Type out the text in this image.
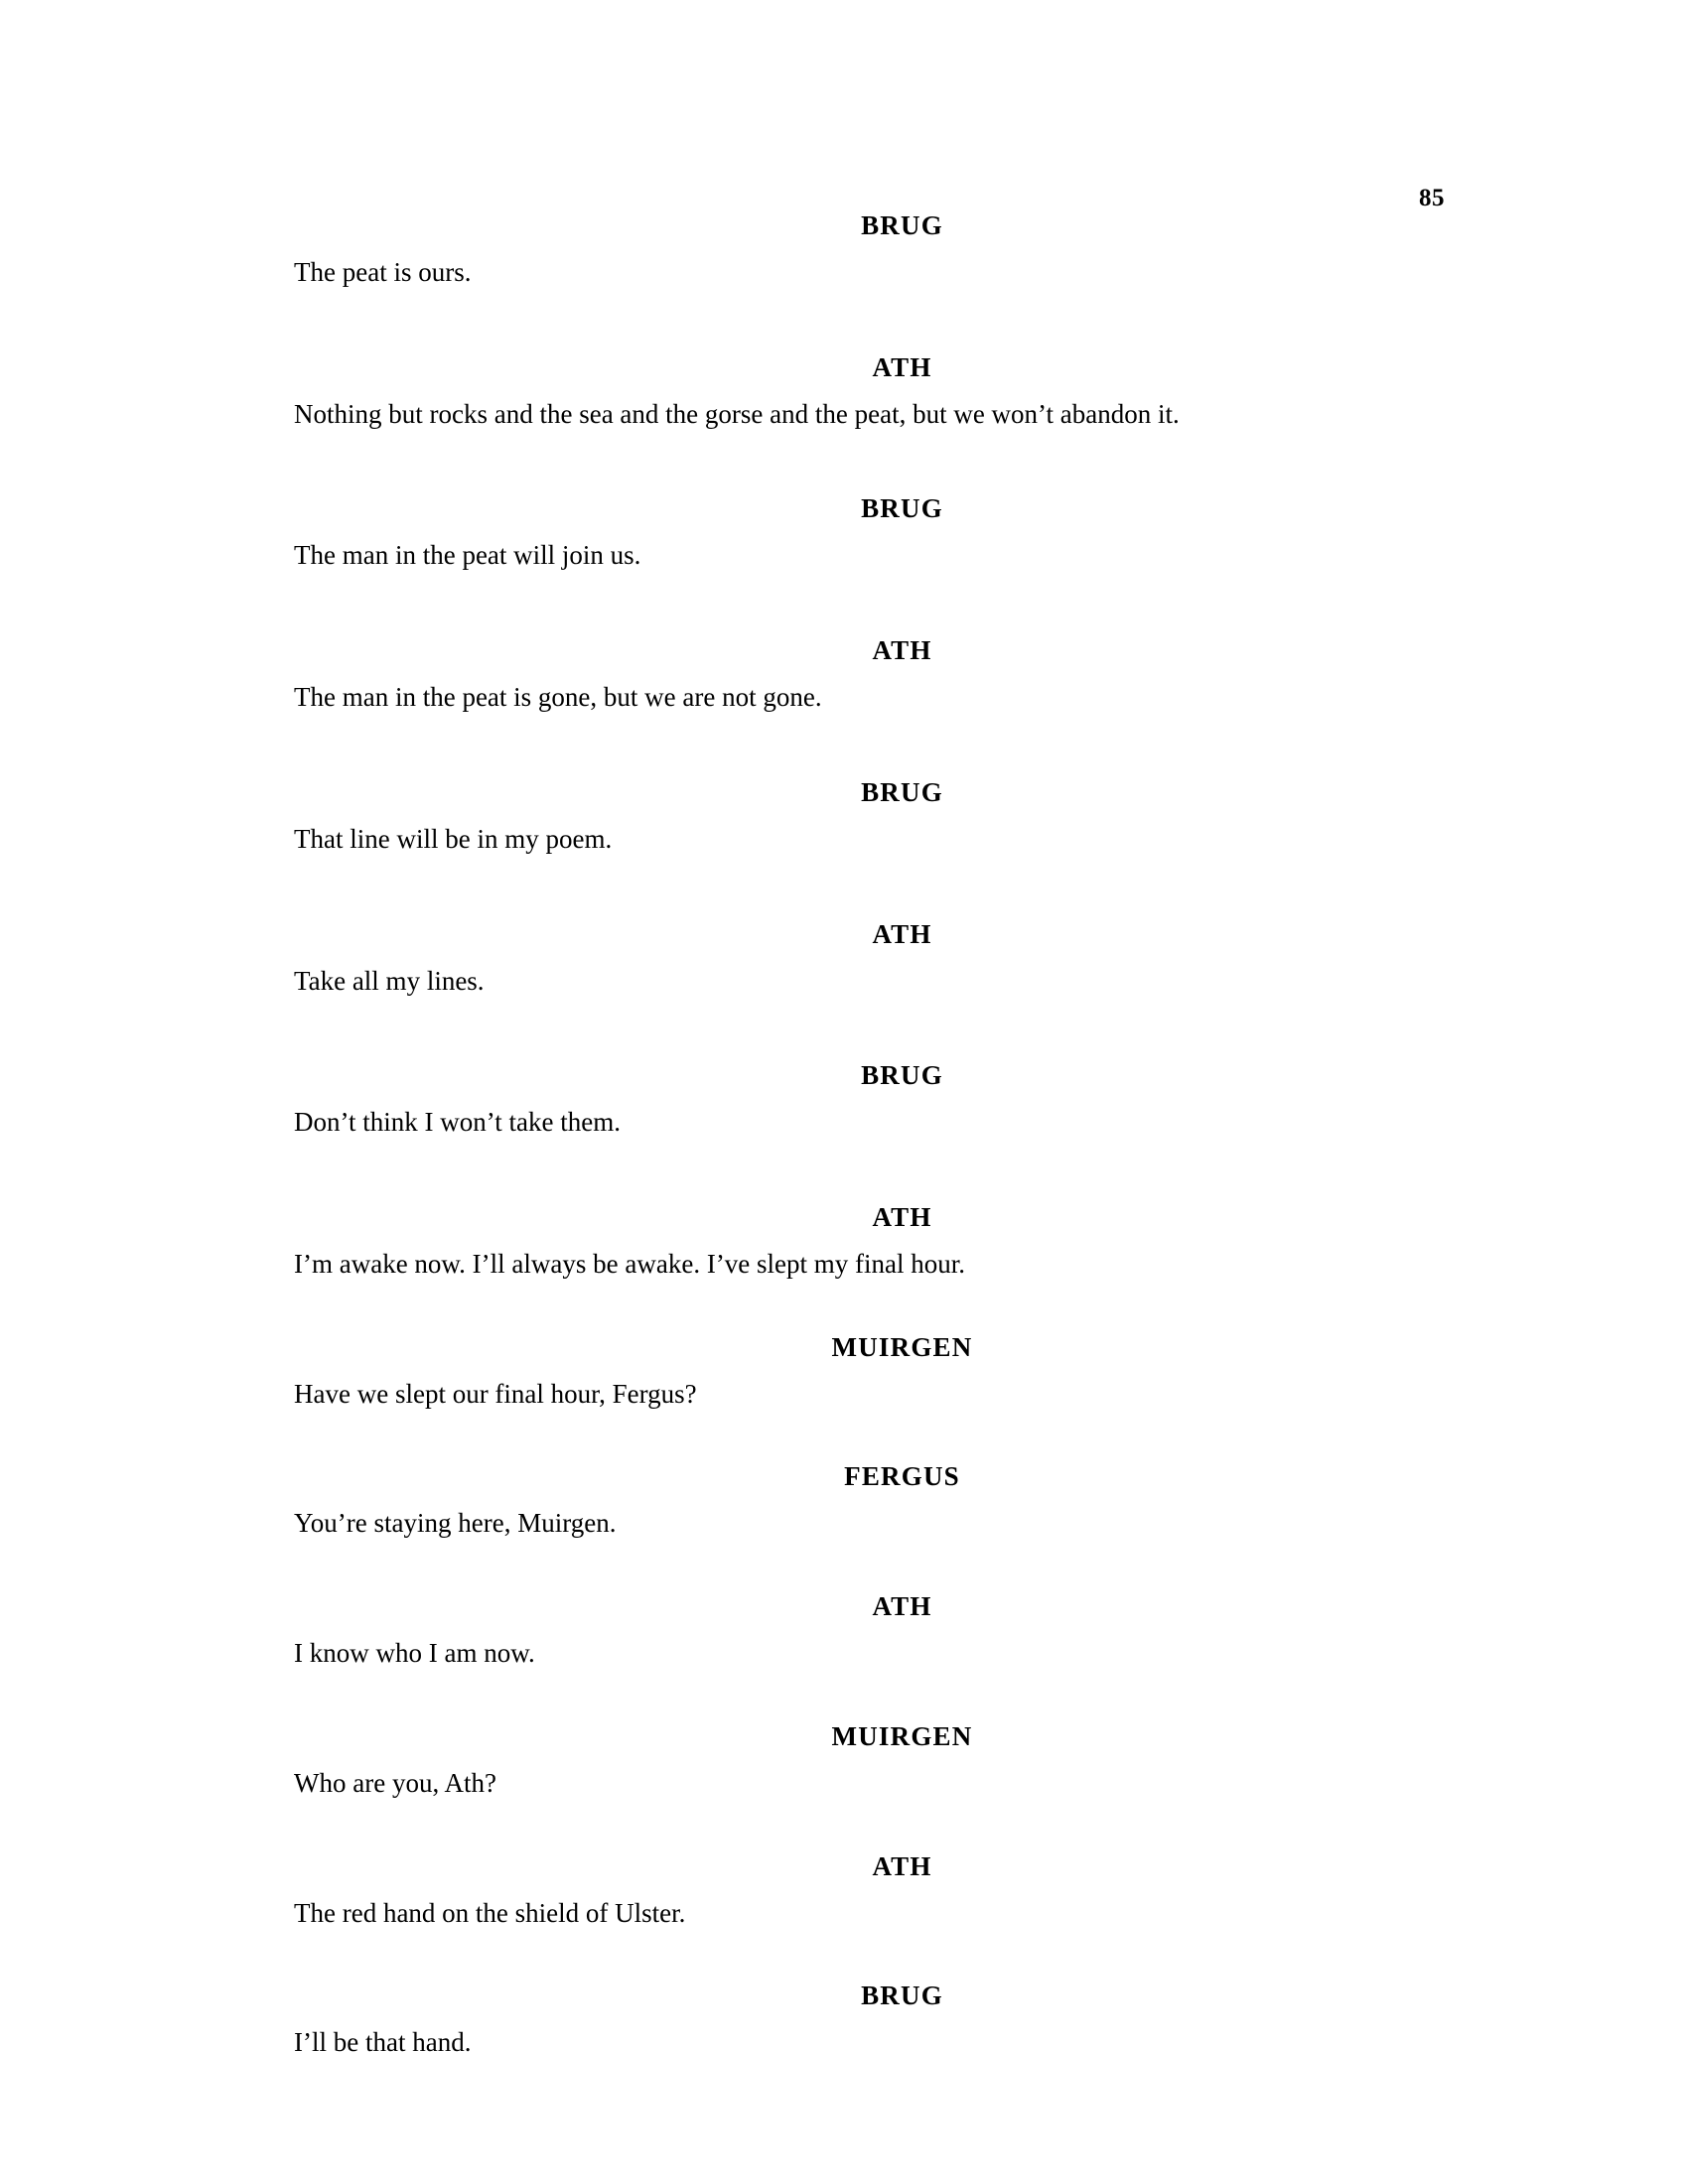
85
BRUG
The peat is ours.
ATH
Nothing but rocks and the sea and the gorse and the peat, but we won’t abandon it.
BRUG
The man in the peat will join us.
ATH
The man in the peat is gone, but we are not gone.
BRUG
That line will be in my poem.
ATH
Take all my lines.
BRUG
Don’t think I won’t take them.
ATH
I’m awake now. I’ll always be awake. I’ve slept my final hour.
MUIRGEN
Have we slept our final hour, Fergus?
FERGUS
You’re staying here, Muirgen.
ATH
I know who I am now.
MUIRGEN
Who are you, Ath?
ATH
The red hand on the shield of Ulster.
BRUG
I’ll be that hand.
